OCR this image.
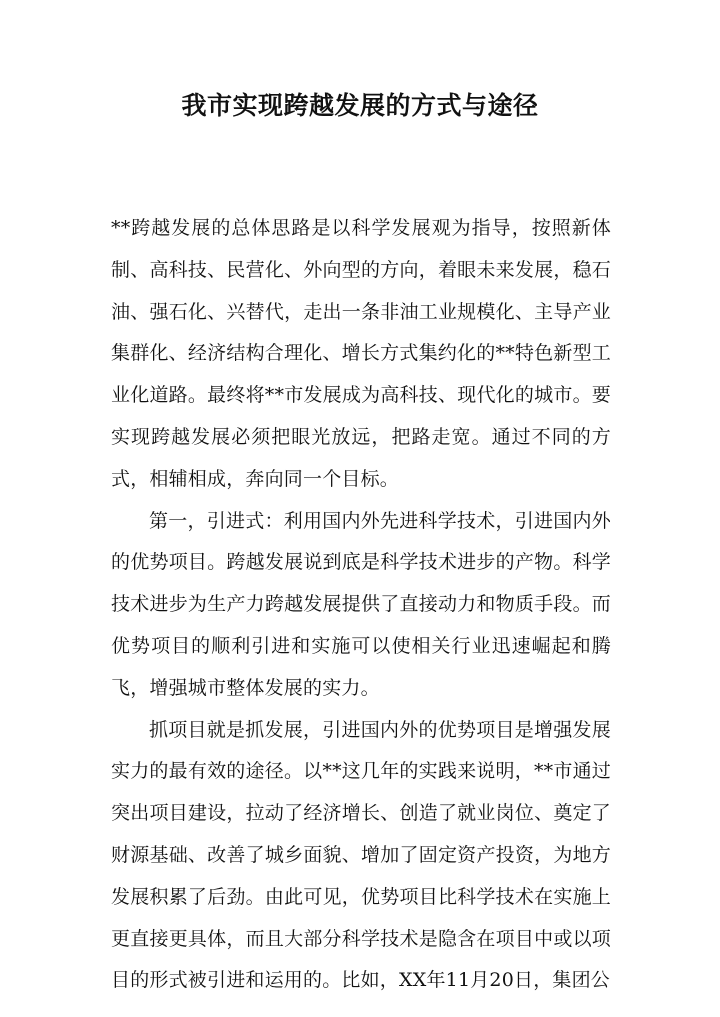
我市实现跨越发展的方式与途径

**跨越发展的总体思路是以科学发展观为指导，按照新体制、高科技、民营化、外向型的方向，着眼未来发展，稳石油、强石化、兴替代，走出一条非油工业规模化、主导产业集群化、经济结构合理化、增长方式集约化的**特色新型工业化道路。最终将**市发展成为高科技、现代化的城市。要实现跨越发展必须把眼光放远，把路走宽。通过不同的方式，相辅相成，奔向同一个目标。

第一，引进式：利用国内外先进科学技术，引进国内外的优势项目。跨越发展说到底是科学技术进步的产物。科学技术进步为生产力跨越发展提供了直接动力和物质手段。而优势项目的顺利引进和实施可以使相关行业迅速崛起和腾飞，增强城市整体发展的实力。

抓项目就是抓发展，引进国内外的优势项目是增强发展实力的最有效的途径。以**这几年的实践来说明，**市通过突出项目建设，拉动了经济增长、创造了就业岗位、奠定了财源基础、改善了城乡面貌、增加了固定资产投资，为地方发展积累了后劲。由此可见，优势项目比科学技术在实施上更直接更具体，而且大部分科学技术是隐含在项目中或以项目的形式被引进和运用的。比如，XX年11月20日，集团公
